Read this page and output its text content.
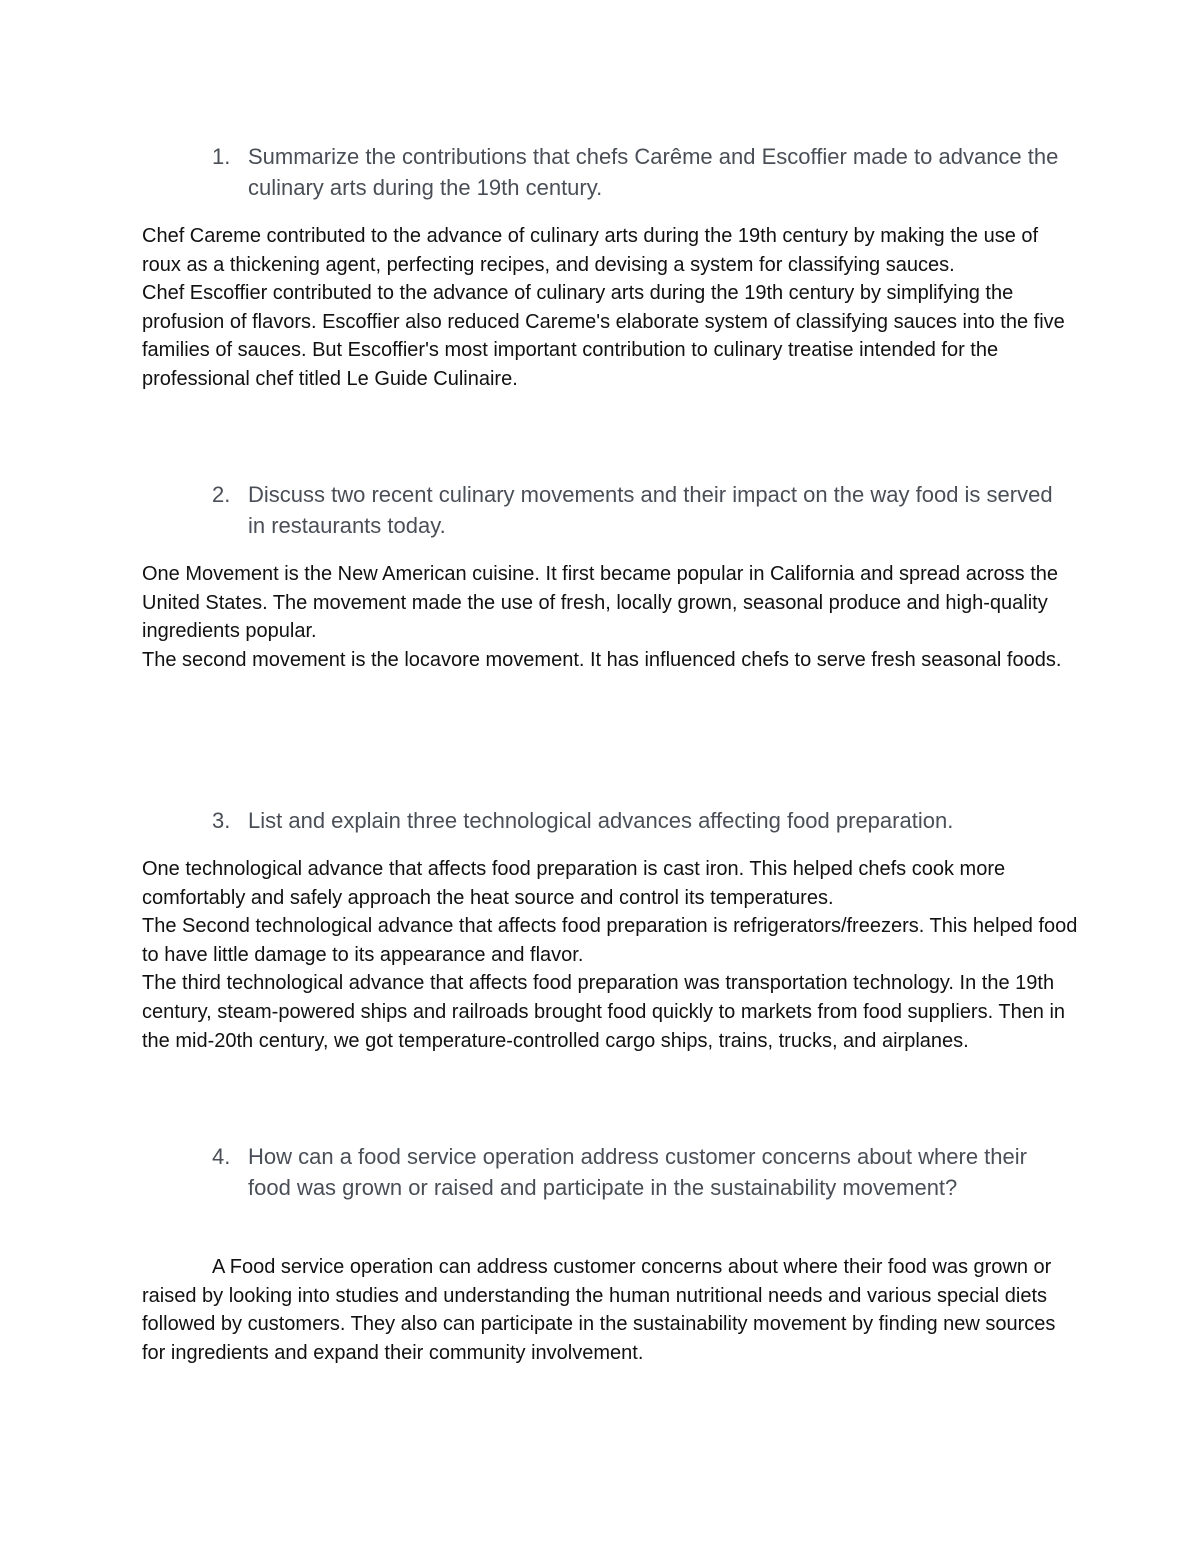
1. Summarize the contributions that chefs Carême and Escoffier made to advance the culinary arts during the 19th century.

Chef Careme contributed to the advance of culinary arts during the 19th century by making the use of roux as a thickening agent, perfecting recipes, and devising a system for classifying sauces.

Chef Escoffier contributed to the advance of culinary arts during the 19th century by simplifying the profusion of flavors. Escoffier also reduced Careme's elaborate system of classifying sauces into the five families of sauces. But Escoffier's most important contribution to culinary treatise intended for the professional chef titled Le Guide Culinaire.

2. Discuss two recent culinary movements and their impact on the way food is served in restaurants today.

One Movement is the New American cuisine. It first became popular in California and spread across the United States. The movement made the use of fresh, locally grown, seasonal produce and high-quality ingredients popular.

The second movement is the locavore movement. It has influenced chefs to serve fresh seasonal foods.

3. List and explain three technological advances affecting food preparation.

One technological advance that affects food preparation is cast iron. This helped chefs cook more comfortably and safely approach the heat source and control its temperatures.

The Second technological advance that affects food preparation is refrigerators/freezers. This helped food to have little damage to its appearance and flavor.

The third technological advance that affects food preparation was transportation technology. In the 19th century, steam-powered ships and railroads brought food quickly to markets from food suppliers. Then in the mid-20th century, we got temperature-controlled cargo ships, trains, trucks, and airplanes.

4. How can a food service operation address customer concerns about where their food was grown or raised and participate in the sustainability movement?

A Food service operation can address customer concerns about where their food was grown or raised by looking into studies and understanding the human nutritional needs and various special diets followed by customers. They also can participate in the sustainability movement by finding new sources for ingredients and expand their community involvement.
